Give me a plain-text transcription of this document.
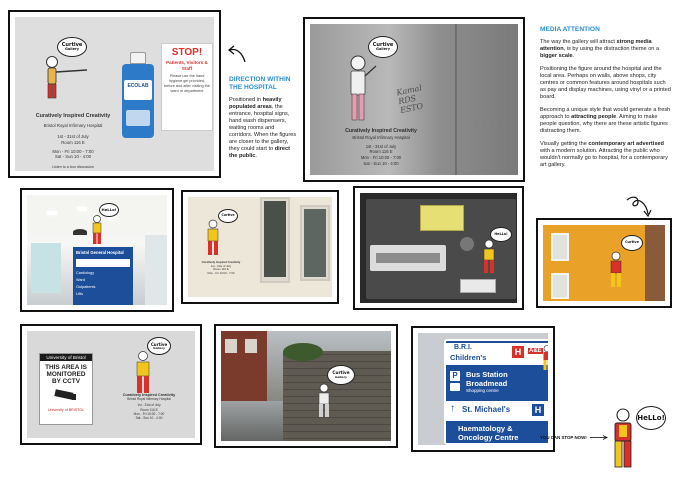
Curtive
Gallery
Curatively Inspired Creativity
Bristol Royal Infirmary Hospital
1st - 31st of July
Room 116 E
Mon - Fri 10:00 - 7:00
Sat - Sun 10 - 4:00
Listen to a tour discussion
ECOLAB
STOP!
Patients, Visitors & Staff
Please use the hand hygiene gel provided, before and after visiting the ward or department
DIRECTION WITHIN
THE HOSPITAL

Positioned in heavily populated areas, the entrance, hospital signs, hand wash dispensers, waiting rooms and corridors. When the figures are closer to the gallery, they could start to direct the public.

Curtive
Gallery
Kamal RDS ESTO
Curatively Inspired Creativity
Bristol Royal Infirmary Hospital
1st - 31st of July
Room 116 E
Mon - Fri 10:00 - 7:00
Sat - Sun 10 - 4:00
MEDIA ATTENTION

The way the gallery will attract strong media attention, is by using the distraction theme on a bigger scale.

Positioning the figure around the hospital and the local area. Perhaps on walls, above shops, city centres or common features around hospitals such as pay and display machines, using vinyl or a printed board.

Becoming a unique style that would generate a fresh approach to attracting people. Aiming to make people question, why there are these artistic figures distracting them.

Visually getting the contemporary art advertised with a modern solution. Attracting the public who wouldn't normally go to hospital, for a contemporary art gallery.

Bristol General Hospital
Cardiology
Ward
Outpatients
Lifts
HeLLo!
Curtive
Curatively Inspired Creativity
1st - 31st of July
Room 116 E
Mon - Fri 10:00 - 7:00
HeLLo!
Curtive
University of Bristol
THIS AREA IS
MONITORED
BY CCTV
University of BRISTOL
Curtive
Gallery
Curatively Inspired Creativity
Bristol Royal Infirmary Hospital
1st - 31st of July
Room 116 E
Mon - Fri 10:00 - 7:00
Sat - Sun 10 - 4:00
Curtive
Gallery
B.R.I.
Children's
H	A&E
P	Bus Station
Broadmead
Shopping centre
↑ St. Michael's	H
Haematology &
Oncology Centre	YOU CAN STOP NOW!
HeLLo!
